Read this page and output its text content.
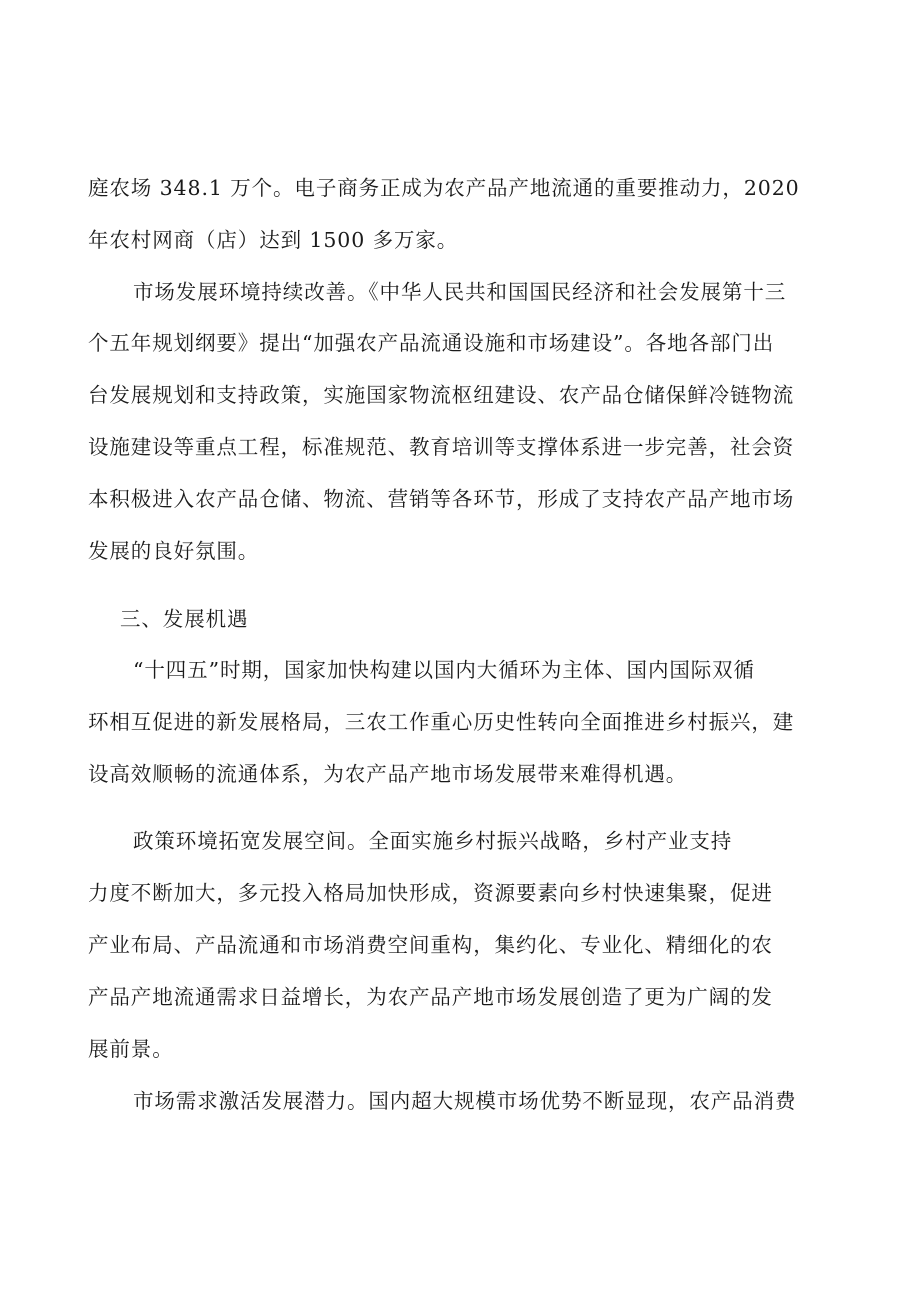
庭农场 348.1 万个。电子商务正成为农产品产地流通的重要推动力，2020
年农村网商（店）达到 1500 多万家。
市场发展环境持续改善。《中华人民共和国国民经济和社会发展第十三
个五年规划纲要》提出“加强农产品流通设施和市场建设”。各地各部门出
台发展规划和支持政策，实施国家物流枢纽建设、农产品仓储保鲜冷链物流
设施建设等重点工程，标准规范、教育培训等支撑体系进一步完善，社会资
本积极进入农产品仓储、物流、营销等各环节，形成了支持农产品产地市场
发展的良好氛围。
三、发展机遇
“十四五”时期，国家加快构建以国内大循环为主体、国内国际双循
环相互促进的新发展格局，三农工作重心历史性转向全面推进乡村振兴，建
设高效顺畅的流通体系，为农产品产地市场发展带来难得机遇。
政策环境拓宽发展空间。全面实施乡村振兴战略，乡村产业支持
力度不断加大，多元投入格局加快形成，资源要素向乡村快速集聚，促进
产业布局、产品流通和市场消费空间重构，集约化、专业化、精细化的农
产品产地流通需求日益增长，为农产品产地市场发展创造了更为广阔的发
展前景。
市场需求激活发展潜力。国内超大规模市场优势不断显现，农产品消费
